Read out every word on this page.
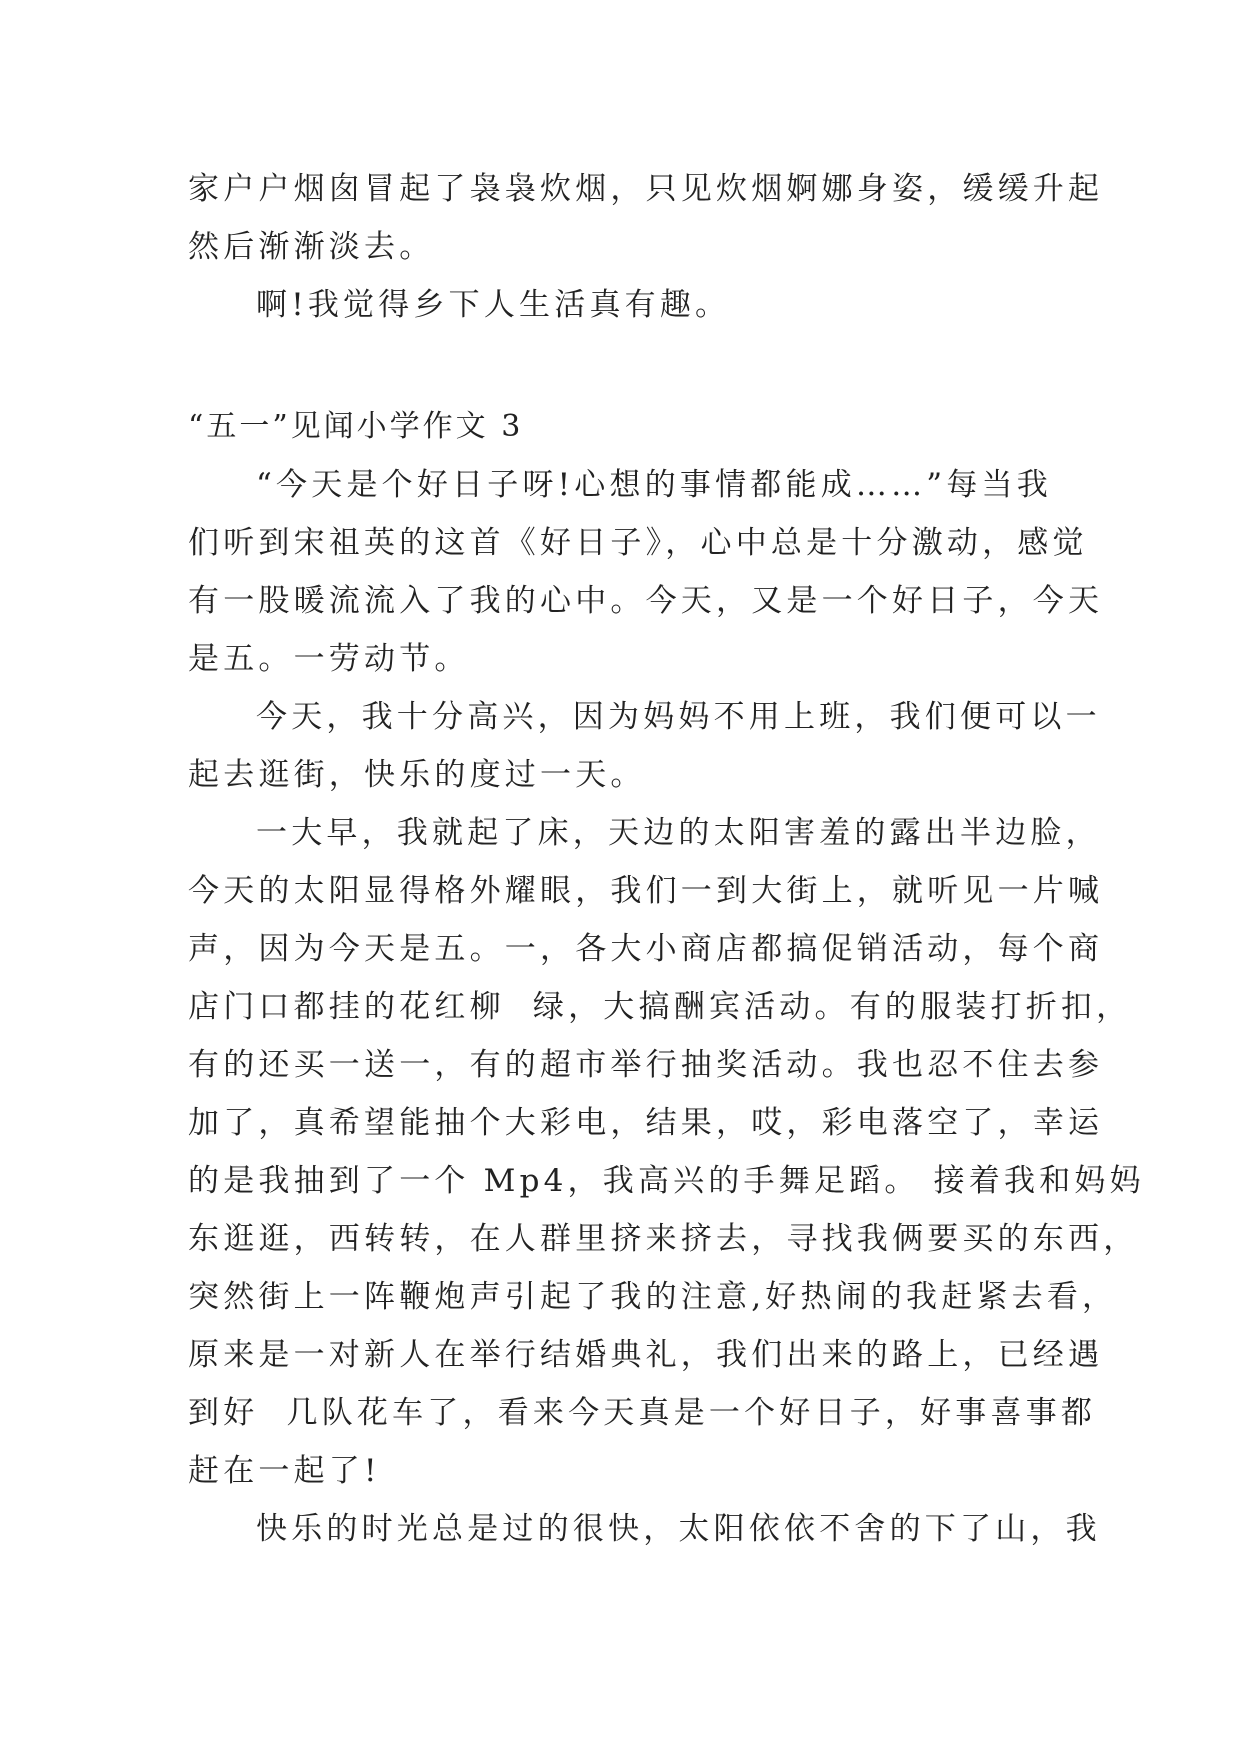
家户户烟囱冒起了袅袅炊烟，只见炊烟婀娜身姿，缓缓升起
然后渐渐淡去。
啊!我觉得乡下人生活真有趣。
“五一”见闻小学作文 3
“今天是个好日子呀!心想的事情都能成……”每当我
们听到宋祖英的这首《好日子》，心中总是十分激动，感觉
有一股暖流流入了我的心中。今天，又是一个好日子，今天
是五。一劳动节。
今天，我十分高兴，因为妈妈不用上班，我们便可以一
起去逛街，快乐的度过一天。
一大早，我就起了床，天边的太阳害羞的露出半边脸，
今天的太阳显得格外耀眼，我们一到大街上，就听见一片喊
声，因为今天是五。一，各大小商店都搞促销活动，每个商
店门口都挂的花红柳  绿，大搞酬宾活动。有的服装打折扣，
有的还买一送一，有的超市举行抽奖活动。我也忍不住去参
加了，真希望能抽个大彩电，结果，哎，彩电落空了，幸运
的是我抽到了一个 Mp4，我高兴的手舞足蹈。 接着我和妈妈
东逛逛，西转转，在人群里挤来挤去，寻找我俩要买的东西，
突然街上一阵鞭炮声引起了我的注意,好热闹的我赶紧去看，
原来是一对新人在举行结婚典礼，我们出来的路上，已经遇
到好  几队花车了，看来今天真是一个好日子，好事喜事都
赶在一起了!
快乐的时光总是过的很快，太阳依依不舍的下了山，我
